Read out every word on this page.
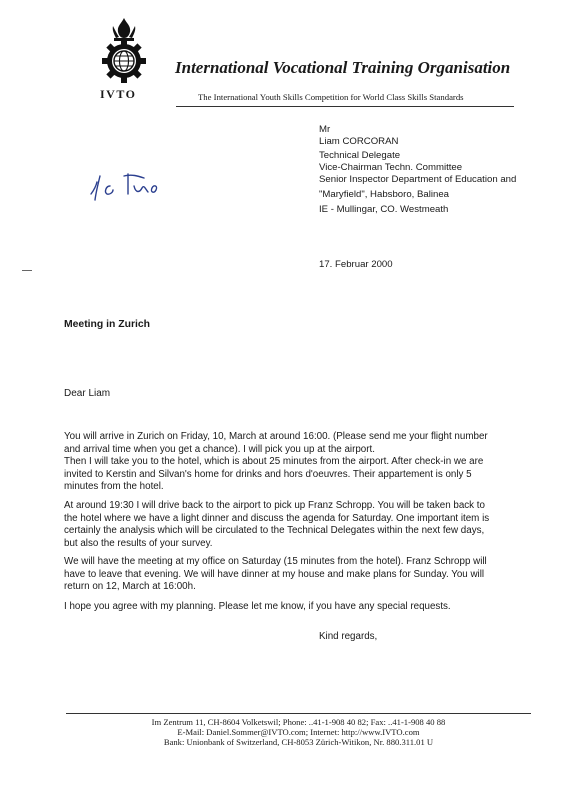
IVTO
International Vocational Training Organisation
The International Youth Skills Competition for World Class Skills Standards
Mr
Liam CORCORAN
Technical Delegate
Vice-Chairman Techn. Committee
Senior Inspector Department of Education and
"Maryfield", Habsboro, Balinea
IE - Mullingar, CO. Westmeath
17. Februar 2000
Meeting in Zurich
Dear Liam
You will arrive in Zurich on Friday, 10, March at around 16:00. (Please send me your flight number
and arrival time when you get a chance). I will pick you up at the airport.
Then I will take you to the hotel, which is about 25 minutes from the airport. After check-in we are
invited to Kerstin and Silvan's home for drinks and hors d'oeuvres. Their appartement is only 5
minutes from the hotel.
At around 19:30 I will drive back to the airport to pick up Franz Schropp. You will be taken back to
the hotel where we have a light dinner and discuss the agenda for Saturday. One important item is
certainly the analysis which will be circulated to the Technical Delegates within the next few days,
but also the results of your survey.
We will have the meeting at my office on Saturday (15 minutes from the hotel). Franz Schropp will
have to leave that evening. We will have dinner at my house and make plans for Sunday. You will
return on 12, March at 16:00h.
I hope you agree with my planning. Please let me know, if you have any special requests.
Kind regards,
Im Zentrum 11, CH-8604 Volketswil; Phone: ..41-1-908 40 82; Fax: ..41-1-908 40 88
E-Mail: Daniel.Sommer@IVTO.com; Internet: http://www.IVTO.com
Bank: Unionbank of Switzerland, CH-8053 Zürich-Witikon, Nr. 880.311.01 U
